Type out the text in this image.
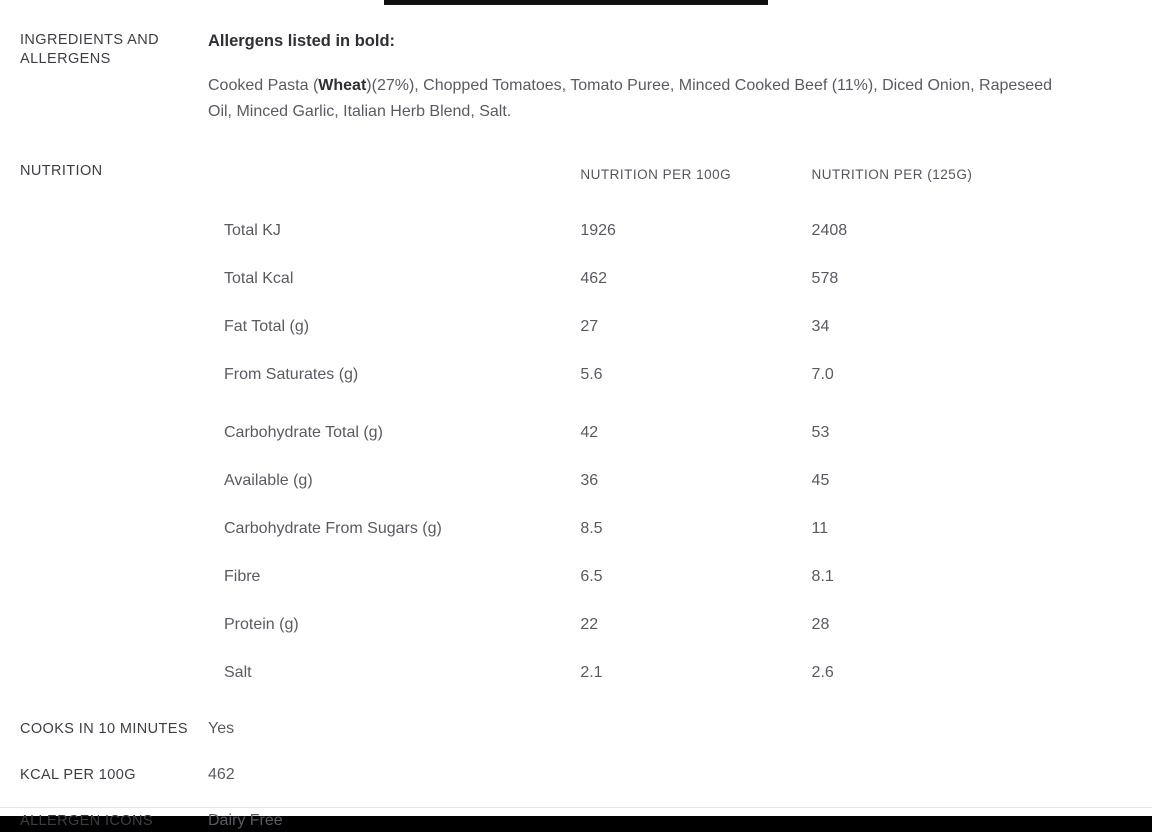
INGREDIENTS AND ALLERGENS

Allergens listed in bold:

Cooked Pasta (Wheat)(27%), Chopped Tomatoes, Tomato Puree, Minced Cooked Beef (11%), Diced Onion, Rapeseed Oil, Minced Garlic, Italian Herb Blend, Salt.

NUTRITION
		NUTRITION PER 100G	NUTRITION PER (125G)
Total KJ	1926	2408
Total Kcal	462	578
Fat Total (g)	27	34
From Saturates (g)	5.6	7.0
Carbohydrate Total (g)	42	53
Available (g)	36	45
Carbohydrate From Sugars (g)	8.5	11
Fibre	6.5	8.1
Protein (g)	22	28
Salt	2.1	2.6
COOKS IN 10 MINUTES	Yes
KCAL PER 100G	462
ALLERGEN ICONS	Dairy Free
